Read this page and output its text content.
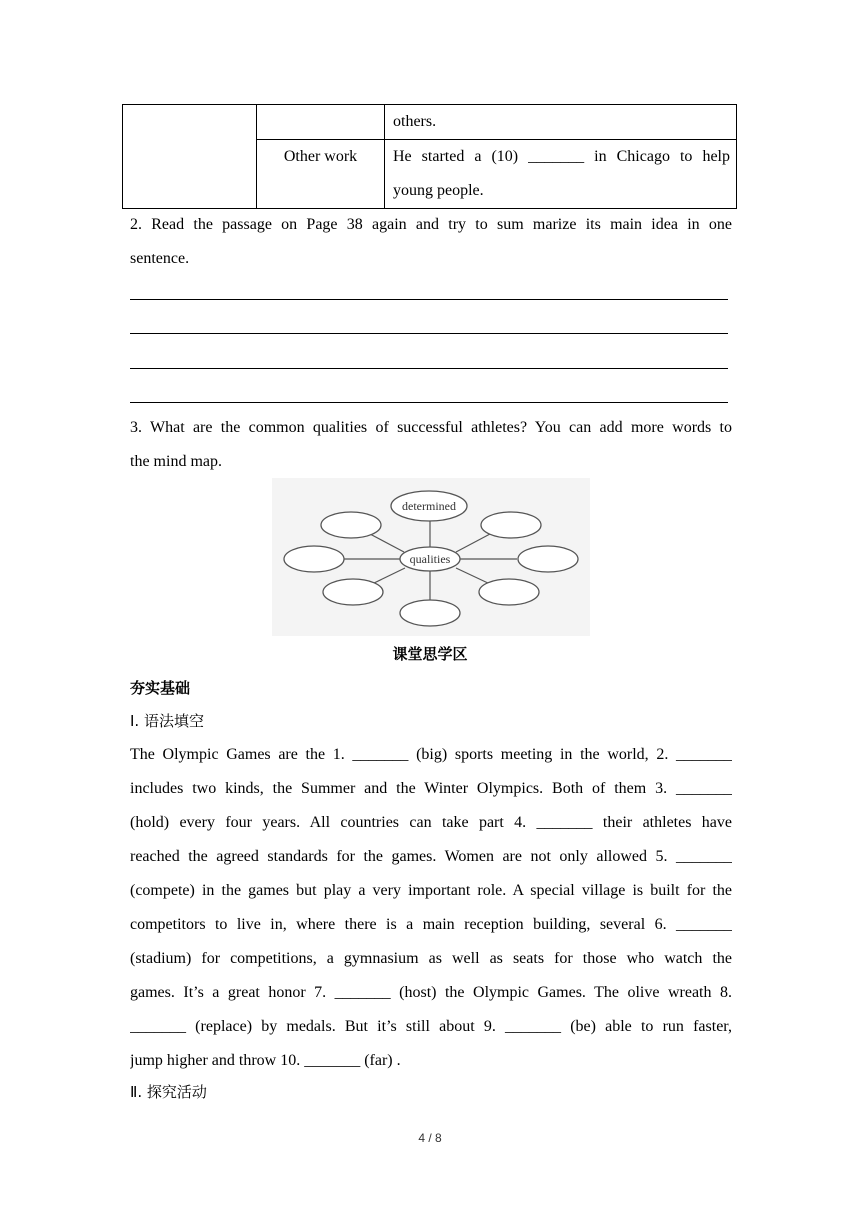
		others.

	Other work	He started a (10) _______ in Chicago to help
young people.
2. Read the passage on Page 38 again and try to sum marize its main idea in one
sentence.
3. What are the common qualities of successful athletes? You can add more words to
the mind map.
determined
qualities
课堂思学区
夯实基础
I. 语法填空
The Olympic Games are the 1. _______ (big) sports meeting in the world, 2. _______
includes two kinds, the Summer and the Winter Olympics. Both of them 3. _______
(hold) every four years. All countries can take part 4. _______ their athletes have
reached the agreed standards for the games. Women are not only allowed 5. _______
(compete) in the games but play a very important role. A special village is built for the
competitors to live in, where there is a main reception building, several 6. _______
(stadium) for competitions, a gymnasium as well as seats for those who watch the
games. It’s a great honor 7. _______ (host) the Olympic Games. The olive wreath 8.
_______ (replace) by medals. But it’s still about 9. _______ (be) able to run faster,
jump higher and throw 10. _______ (far) .
Ⅱ. 探究活动
4 / 8
